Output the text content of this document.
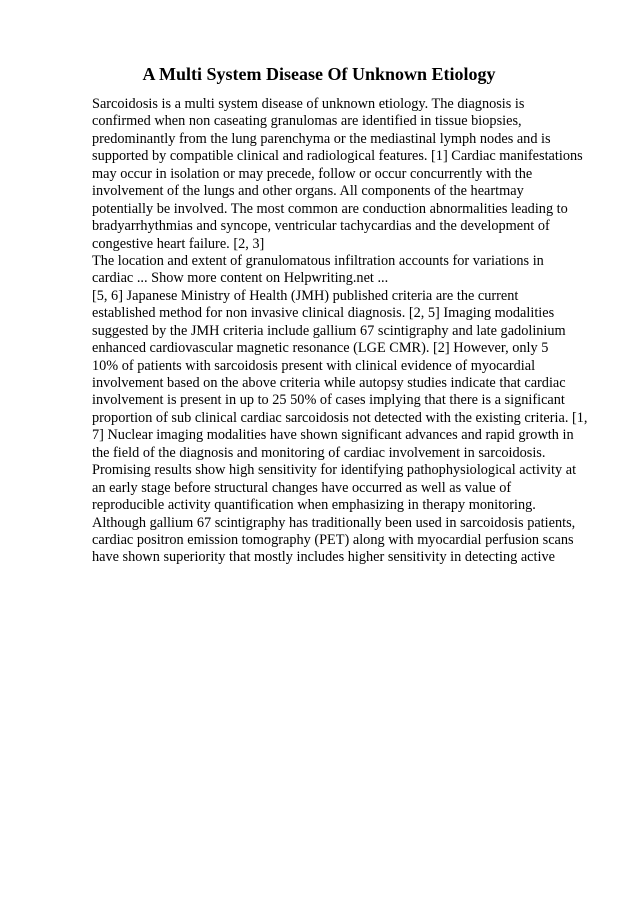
A Multi System Disease Of Unknown Etiology
Sarcoidosis is a multi system disease of unknown etiology. The diagnosis is
confirmed when non caseating granulomas are identified in tissue biopsies,
predominantly from the lung parenchyma or the mediastinal lymph nodes and is
supported by compatible clinical and radiological features. [1] Cardiac manifestations
may occur in isolation or may precede, follow or occur concurrently with the
involvement of the lungs and other organs. All components of the heartmay
potentially be involved. The most common are conduction abnormalities leading to
bradyarrhythmias and syncope, ventricular tachycardias and the development of
congestive heart failure. [2, 3]
The location and extent of granulomatous infiltration accounts for variations in
cardiac ... Show more content on Helpwriting.net ...
[5, 6] Japanese Ministry of Health (JMH) published criteria are the current
established method for non invasive clinical diagnosis. [2, 5] Imaging modalities
suggested by the JMH criteria include gallium 67 scintigraphy and late gadolinium
enhanced cardiovascular magnetic resonance (LGE CMR). [2] However, only 5
10% of patients with sarcoidosis present with clinical evidence of myocardial
involvement based on the above criteria while autopsy studies indicate that cardiac
involvement is present in up to 25 50% of cases implying that there is a significant
proportion of sub clinical cardiac sarcoidosis not detected with the existing criteria. [1,
7] Nuclear imaging modalities have shown significant advances and rapid growth in
the field of the diagnosis and monitoring of cardiac involvement in sarcoidosis.
Promising results show high sensitivity for identifying pathophysiological activity at
an early stage before structural changes have occurred as well as value of
reproducible activity quantification when emphasizing in therapy monitoring.
Although gallium 67 scintigraphy has traditionally been used in sarcoidosis patients,
cardiac positron emission tomography (PET) along with myocardial perfusion scans
have shown superiority that mostly includes higher sensitivity in detecting active
